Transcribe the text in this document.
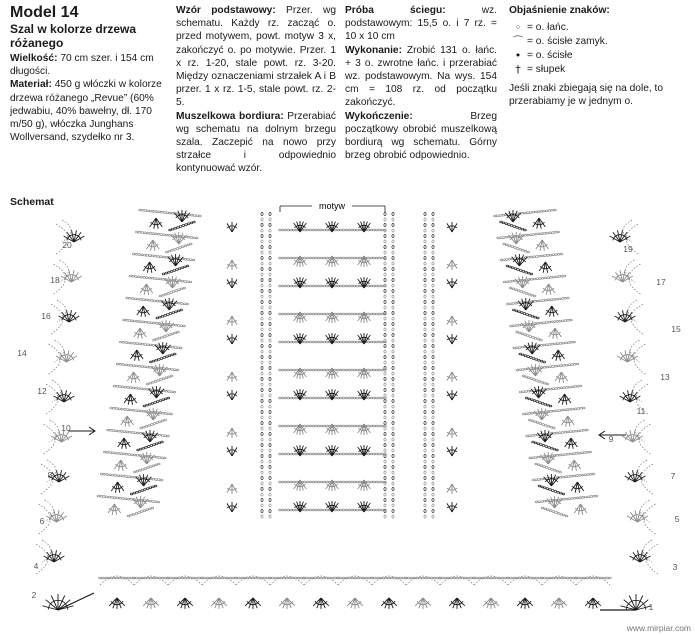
Model 14

Szal w kolorze drzewa różanego

Wielkość: 70 cm szer. i 154 cm długości.

Materiał: 450 g włóczki w kolorze drzewa różanego „Revue” (60% jedwabiu, 40% bawełny, dł. 170 m/50 g), włóczka Junghans Wollversand, szydełko nr 3.

Wzór podstawowy: Przer. wg schematu. Każdy rz. zacząć o. przed motywem, powt. motyw 3 x, zakończyć o. po motywie. Przer. 1 x rz. 1-20, stale powt. rz. 3-20. Między oznaczeniami strzałek A i B przer. 1 x rz. 1-5, stale powt. rz. 2-5.

Muszelkowa bordiura: Przerabiać wg schematu na dolnym brzegu szala. Zaczepić na nowo przy strzałce i odpowiednio kontynuować wzór.

Próba ściegu:	wz. podstawowym: 15,5 o. i 7 rz. = 10 x 10 cm

Wykonanie: Zrobić 131 o. łańc. + 3 o. zwrotne łańc. i przerabiać wz. podstawowym. Na wys. 154 cm = 108 rz. od początku zakończyć.

Wykończenie:	Brzeg początkowy obrobić muszelkową bordiurą wg schematu. Górny brzeg obrobić odpowiednio.

Objaśnienie znaków:

◦ = o. łańc.
⌒ = o. ścisłe zamyk.
• = o. ścisłe
† = słupek

Jeśli znaki zbiegają się na dole, to przerabiamy je w jednym o.

motyw
20
18
16
14
12
10
8
6
4
2
19
17
15
13
11
9
7
5
3
1
Schemat
www.mirpiar.com
